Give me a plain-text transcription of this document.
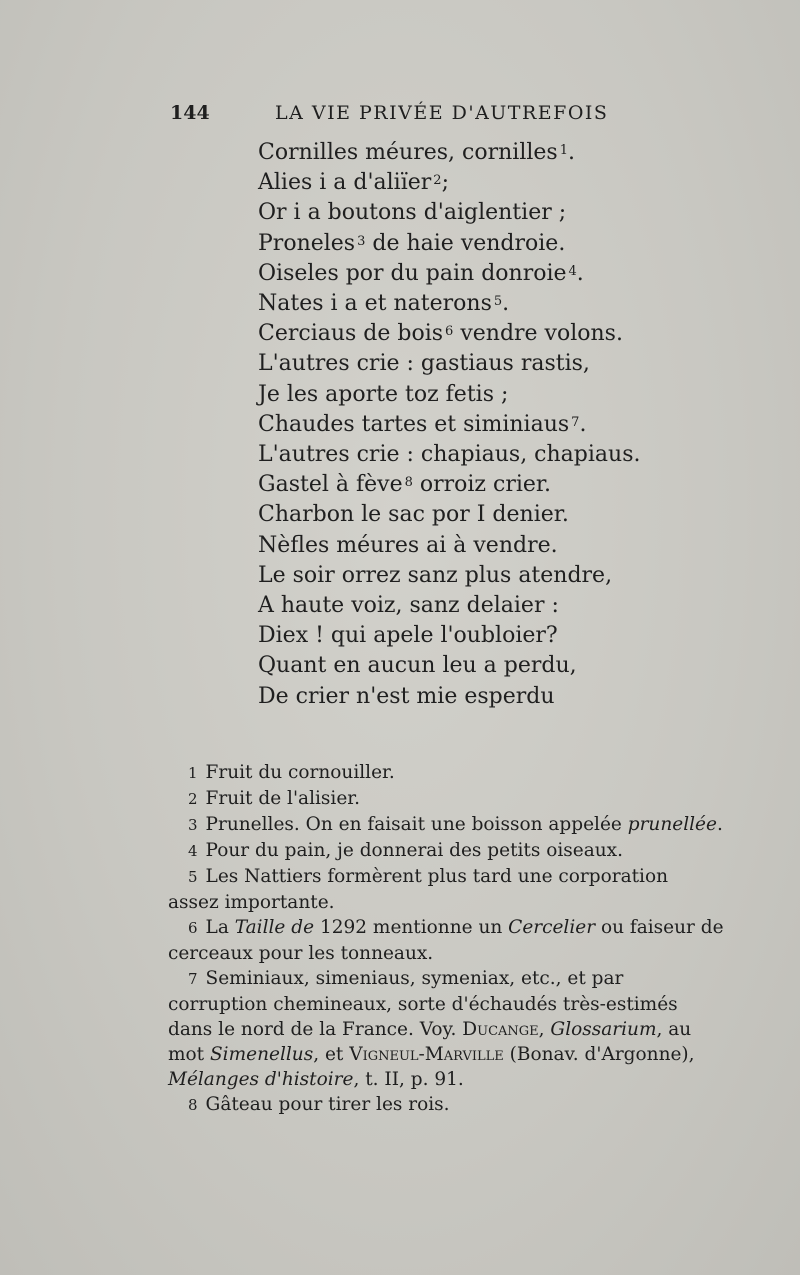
144	LA VIE PRIVÉE D'AUTREFOIS
Cornilles méures, cornilles $^1$.
Alies i a d'aliïer $^2$;
Or i a boutons d'aiglentier ;
Proneles $^3$ de haie vendroie.
Oiseles por du pain donroie $^4$.
Nates i a et naterons $^5$.
Cerciaus de bois $^6$ vendre volons.
L'autres crie : gastiaus rastis,
Je les aporte toz fetis ;
Chaudes tartes et siminiaus $^7$.
L'autres crie : chapiaus, chapiaus.
Gastel à fève $^8$ orroiz crier.
Charbon le sac por I denier.
Nèfles méures ai à vendre.
Le soir orrez sanz plus atendre,
A haute voiz, sanz delaier :
Diex ! qui apele l'oubloier?
Quant en aucun leu a perdu,
De crier n'est mie esperdu

1 Fruit du cornouiller.

2 Fruit de l'alisier.

3 Prunelles. On en faisait une boisson appelée prunellée.

4 Pour du pain, je donnerai des petits oiseaux.

5 Les Nattiers formèrent plus tard une corporation assez importante.

6 La Taille de 1292 mentionne un Cercelier ou faiseur de cerceaux pour les tonneaux.

7 Seminiaux, simeniaus, symeniax, etc., et par corruption chemineaux, sorte d'échaudés très-estimés dans le nord de la France. Voy. Ducange, Glossarium, au mot Simenellus, et Vigneul-Marville (Bonav. d'Argonne), Mélanges d'histoire, t. II, p. 91.

8 Gâteau pour tirer les rois.
